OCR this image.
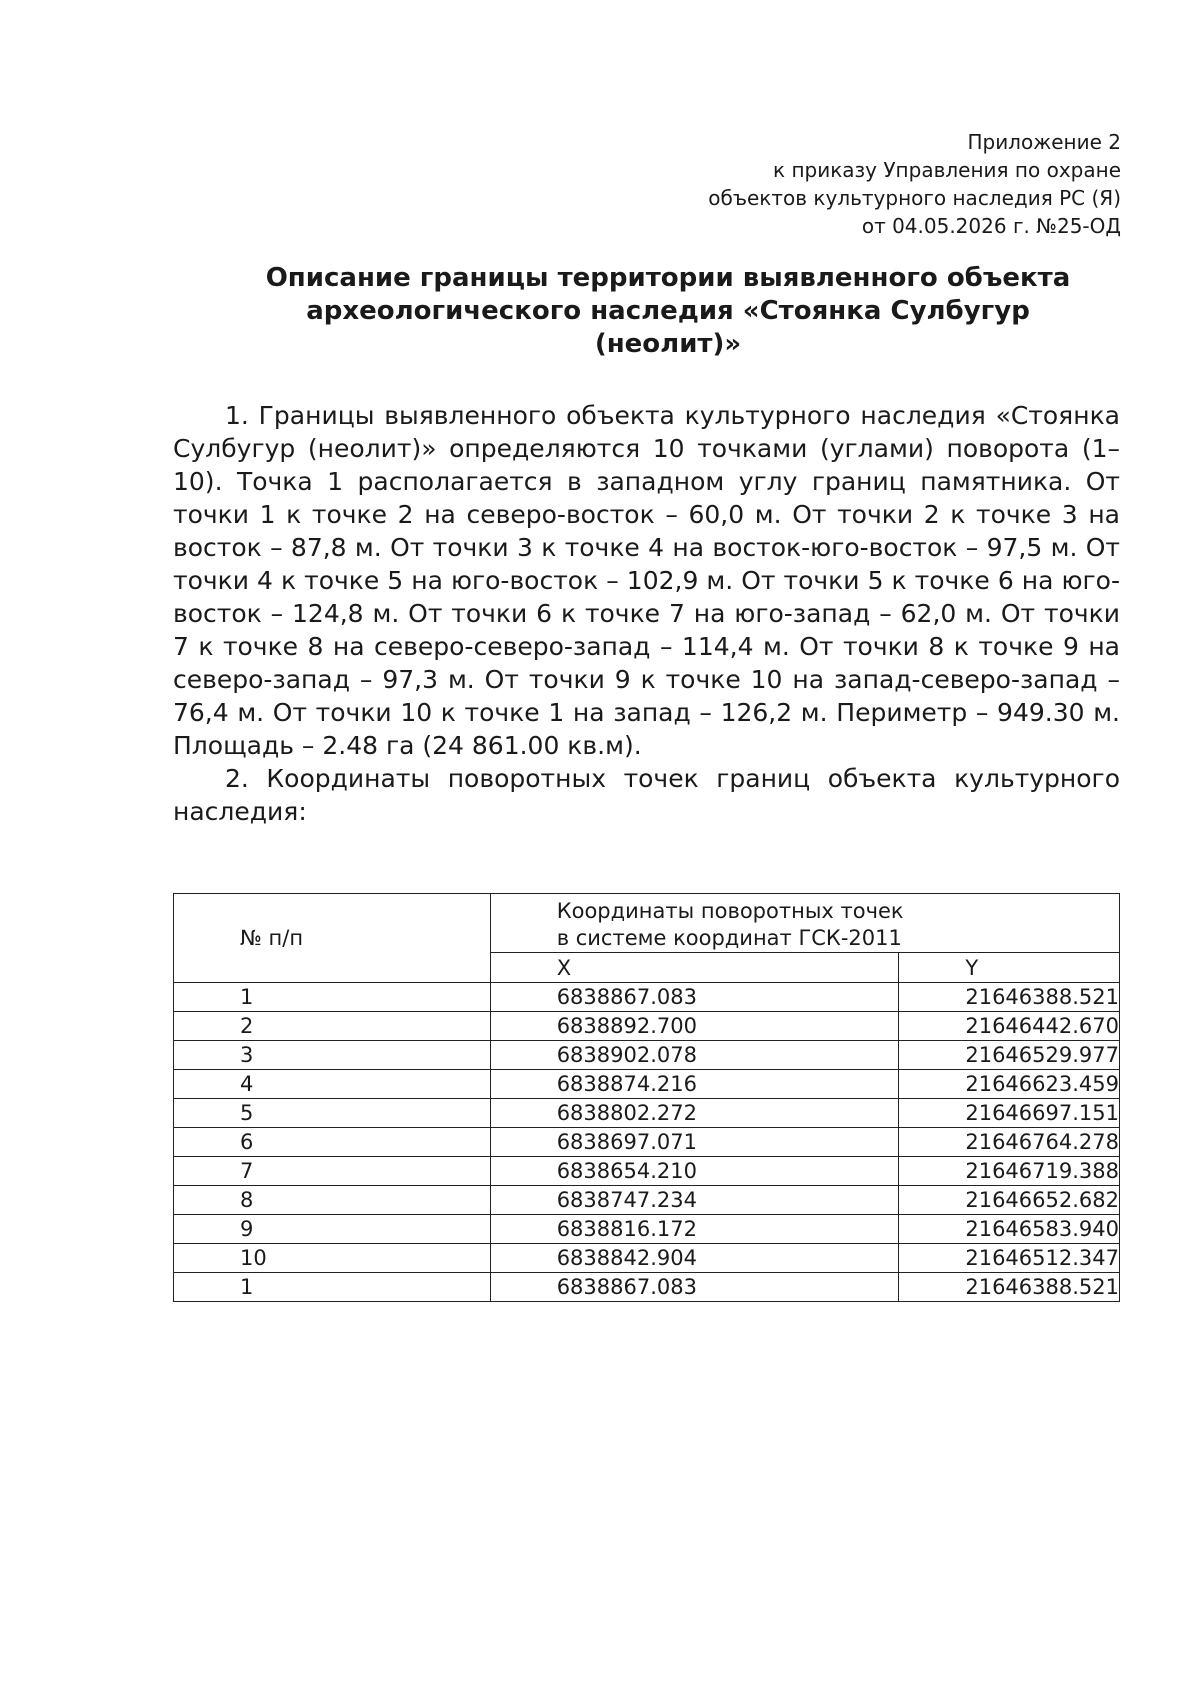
Приложение 2
к приказу Управления по охране
объектов культурного наследия РС (Я)
от 04.05.2026 г. №25-ОД
Описание границы территории выявленного объекта
археологического наследия «Стоянка Сулбугур
(неолит)»

1. Границы выявленного объекта культурного наследия «Стоянка Сулбугур (неолит)» определяются 10 точками (углами) поворота (1–10). Точка 1 располагается в западном углу границ памятника. От точки 1 к точке 2 на северо-восток – 60,0 м. От точки 2 к точке 3 на восток – 87,8 м. От точки 3 к точке 4 на восток-юго-восток – 97,5 м. От точки 4 к точке 5 на юго-восток – 102,9 м. От точки 5 к точке 6 на юго-восток – 124,8 м. От точки 6 к точке 7 на юго-запад – 62,0 м. От точки 7 к точке 8 на северо-северо-запад – 114,4 м. От точки 8 к точке 9 на северо-запад – 97,3 м. От точки 9 к точке 10 на запад-северо-запад – 76,4 м. От точки 10 к точке 1 на запад – 126,2 м. Периметр – 949.30 м. Площадь – 2.48 га (24 861.00 кв.м).

2. Координаты поворотных точек границ объекта культурного наследия:

№ п/п	Координаты поворотных точек
в системе координат ГСК-2011	

	X	Y
1	6838867.083	21646388.521
2	6838892.700	21646442.670
3	6838902.078	21646529.977
4	6838874.216	21646623.459
5	6838802.272	21646697.151
6	6838697.071	21646764.278
7	6838654.210	21646719.388
8	6838747.234	21646652.682
9	6838816.172	21646583.940
10	6838842.904	21646512.347
1	6838867.083	21646388.521
